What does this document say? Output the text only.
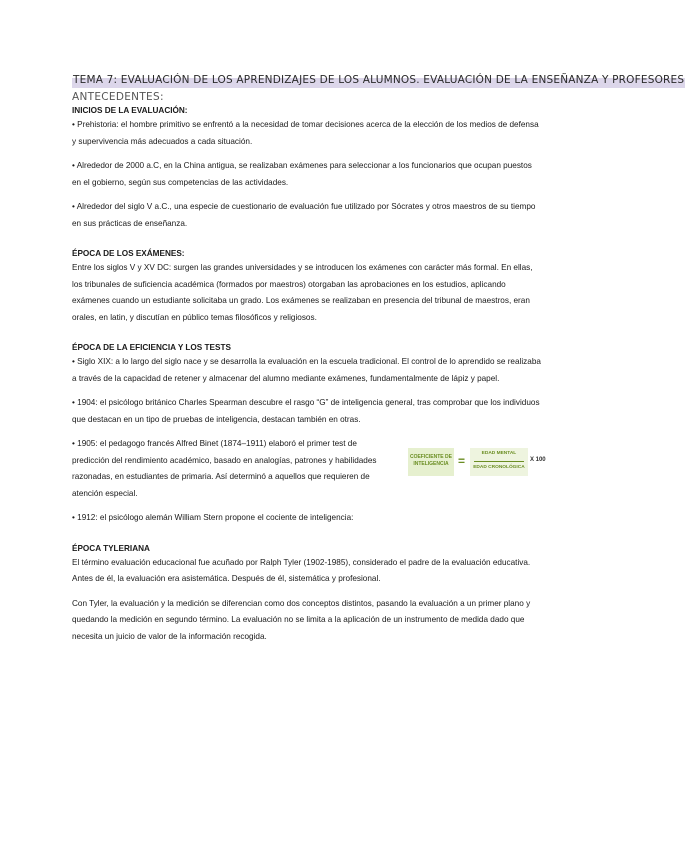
TEMA 7: EVALUACIÓN DE LOS APRENDIZAJES DE LOS ALUMNOS. EVALUACIÓN DE LA ENSEÑANZA Y PROFESORES
ANTECEDENTES:
INICIOS DE LA EVALUACIÓN:

• Prehistoria: el hombre primitivo se enfrentó a la necesidad de tomar decisiones acerca de la elección de los medios de defensa y supervivencia más adecuados a cada situación.

• Alrededor de 2000 a.C, en la China antigua, se realizaban exámenes para seleccionar a los funcionarios que ocupan puestos en el gobierno, según sus competencias de las actividades.

• Alrededor del siglo V a.C., una especie de cuestionario de evaluación fue utilizado por Sócrates y otros maestros de su tiempo en sus prácticas de enseñanza.

ÉPOCA DE LOS EXÁMENES:

Entre los siglos V y XV DC: surgen las grandes universidades y se introducen los exámenes con carácter más formal. En ellas, los tribunales de suficiencia académica (formados por maestros) otorgaban las aprobaciones en los estudios, aplicando exámenes cuando un estudiante solicitaba un grado. Los exámenes se realizaban en presencia del tribunal de maestros, eran orales, en latin, y discutían en público temas filosóficos y religiosos.

ÉPOCA DE LA EFICIENCIA Y LOS TESTS

• Siglo XIX: a lo largo del siglo nace y se desarrolla la evaluación en la escuela tradicional. El control de lo aprendido se realizaba a través de la capacidad de retener y almacenar del alumno mediante exámenes, fundamentalmente de lápiz y papel.

• 1904: el psicólogo británico Charles Spearman descubre el rasgo “G” de inteligencia general, tras comprobar que los individuos que destacan en un tipo de pruebas de inteligencia, destacan también en otras.

• 1905: el pedagogo francés Alfred Binet (1874–1911) elaboró el primer test de predicción del rendimiento académico, basado en analogías, patrones y habilidades razonadas, en estudiantes de primaria. Así determinó a aquellos que requieren de atención especial.

COEFICIENTE DE INTELIGENCIA =
EDAD MENTAL
EDAD CRONOLÓGICA
X 100

• 1912: el psicólogo alemán William Stern propone el cociente de inteligencia:

ÉPOCA TYLERIANA

El término evaluación educacional fue acuñado por Ralph Tyler (1902-1985), considerado el padre de la evaluación educativa. Antes de él, la evaluación era asistemática. Después de él, sistemática y profesional.

Con Tyler, la evaluación y la medición se diferencian como dos conceptos distintos, pasando la evaluación a un primer plano y quedando la medición en segundo término. La evaluación no se limita a la aplicación de un instrumento de medida dado que necesita un juicio de valor de la información recogida.
